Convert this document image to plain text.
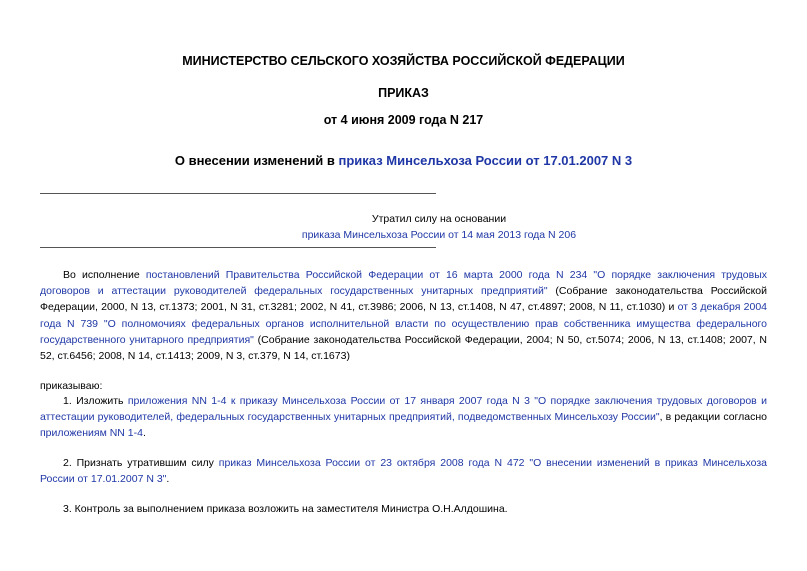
МИНИСТЕРСТВО СЕЛЬСКОГО ХОЗЯЙСТВА РОССИЙСКОЙ ФЕДЕРАЦИИ
ПРИКАЗ
от 4 июня 2009 года N 217
О внесении изменений в приказ Минсельхоза России от 17.01.2007 N 3
Утратил силу на основании
приказа Минсельхоза России от 14 мая 2013 года N 206
Во исполнение постановлений Правительства Российской Федерации от 16 марта 2000 года N 234 "О порядке заключения трудовых договоров и аттестации руководителей федеральных государственных унитарных предприятий" (Собрание законодательства Российской Федерации, 2000, N 13, ст.1373; 2001, N 31, ст.3281; 2002, N 41, ст.3986; 2006, N 13, ст.1408, N 47, ст.4897; 2008, N 11, ст.1030) и от 3 декабря 2004 года N 739 "О полномочиях федеральных органов исполнительной власти по осуществлению прав собственника имущества федерального государственного унитарного предприятия" (Собрание законодательства Российской Федерации, 2004; N 50, ст.5074; 2006, N 13, ст.1408; 2007, N 52, ст.6456; 2008, N 14, ст.1413; 2009, N 3, ст.379, N 14, ст.1673)
приказываю:
1. Изложить приложения NN 1-4 к приказу Минсельхоза России от 17 января 2007 года N 3 "О порядке заключения трудовых договоров и аттестации руководителей, федеральных государственных унитарных предприятий, подведомственных Минсельхозу России", в редакции согласно приложениям NN 1-4.
2. Признать утратившим силу приказ Минсельхоза России от 23 октября 2008 года N 472 "О внесении изменений в приказ Минсельхоза России от 17.01.2007 N 3".
3. Контроль за выполнением приказа возложить на заместителя Министра О.Н.Алдошина.
